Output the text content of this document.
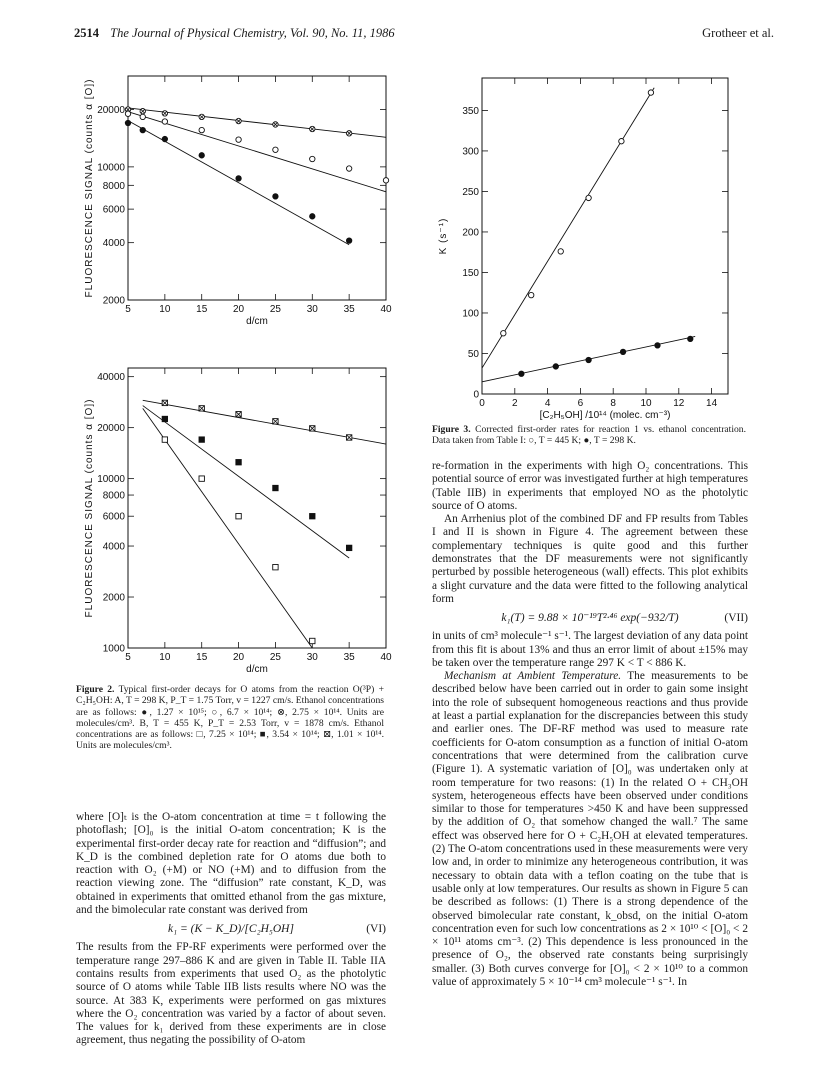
2514 The Journal of Physical Chemistry, Vol. 90, No. 11, 1986	Grotheer et al.
5	10	15	20	25	30	35	40
2000
4000
6000
8000
10000
20000
d/cm
FLUORESCENCE SIGNAL (counts α [O])
5	10	15	20	25	30	35	40
1000
2000
4000
6000
8000
10000
20000
40000
d/cm
FLUORESCENCE SIGNAL (counts α [O])	0	2	4	6	8 10 12 14
0
50
100
150
200
250
300
350
[C₂H₅OH] /10¹⁴ (molec. cm⁻³)
K (s⁻¹)
Figure 2. Typical first-order decays for O atoms from the reaction O(³P) + C₂H₅OH: A, T = 298 K, P_T = 1.75 Torr, v = 1227 cm/s. Ethanol concentrations are as follows: ●, 1.27 × 10¹⁵; ○, 6.7 × 10¹⁴; ⊗, 2.75 × 10¹⁴. Units are molecules/cm³. B, T = 455 K, P_T = 2.53 Torr, v = 1878 cm/s. Ethanol concentrations are as follows: □, 7.25 × 10¹⁴; ■, 3.54 × 10¹⁴; ⊠, 1.01 × 10¹⁴. Units are molecules/cm³.
Figure 3. Corrected first-order rates for reaction 1 vs. ethanol concentration. Data taken from Table I: ○, T = 445 K; ●, T = 298 K.

where [O]ₜ is the O-atom concentration at time = t following the photoflash; [O]₀ is the initial O-atom concentration; K is the experimental first-order decay rate for reaction and “diffusion”; and K_D is the combined depletion rate for O atoms due both to reaction with O₂ (+M) or NO (+M) and to diffusion from the reaction viewing zone. The “diffusion” rate constant, K_D, was obtained in experiments that omitted ethanol from the gas mixture, and the bimolecular rate constant was derived from

k₁ = (K − K_D)/[C₂H₅OH]	(VI)

The results from the FP-RF experiments were performed over the temperature range 297–886 K and are given in Table II. Table IIA contains results from experiments that used O₂ as the photolytic source of O atoms while Table IIB lists results where NO was the source. At 383 K, experiments were performed on gas mixtures where the O₂ concentration was varied by a factor of about seven. The values for k₁ derived from these experiments are in close agreement, thus negating the possibility of O-atom

re-formation in the experiments with high O₂ concentrations. This potential source of error was investigated further at high temperatures (Table IIB) in experiments that employed NO as the photolytic source of O atoms.

An Arrhenius plot of the combined DF and FP results from Tables I and II is shown in Figure 4. The agreement between these complementary techniques is quite good and this further demonstrates that the DF measurements were not significantly perturbed by possible heterogeneous (wall) effects. This plot exhibits a slight curvature and the data were fitted to the following analytical form

k₁(T) = 9.88 × 10⁻¹⁹T²·⁴⁶ exp(−932/T)	(VII)

in units of cm³ molecule⁻¹ s⁻¹. The largest deviation of any data point from this fit is about 13% and thus an error limit of about ±15% may be taken over the temperature range 297 K < T < 886 K.

Mechanism at Ambient Temperature. The measurements to be described below have been carried out in order to gain some insight into the role of subsequent homogeneous reactions and thus provide at least a partial explanation for the discrepancies between this study and earlier ones. The DF-RF method was used to measure rate coefficients for O-atom consumption as a function of initial O-atom concentrations that were determined from the calibration curve (Figure 1). A systematic variation of [O]₀ was undertaken only at room temperature for two reasons: (1) In the related O + CH₃OH system, heterogeneous effects have been observed under conditions similar to those for temperatures >450 K and have been suppressed by the addition of O₂ that somehow changed the wall.⁷ The same effect was observed here for O + C₂H₅OH at elevated temperatures. (2) The O-atom concentrations used in these measurements were very low and, in order to minimize any heterogeneous contribution, it was necessary to obtain data with a teflon coating on the tube that is usable only at low temperatures. Our results as shown in Figure 5 can be described as follows: (1) There is a strong dependence of the observed bimolecular rate constant, k_obsd, on the initial O-atom concentration even for such low concentrations as 2 × 10¹⁰ < [O]₀ < 2 × 10¹¹ atoms cm⁻³. (2) This dependence is less pronounced in the presence of O₂, the observed rate constants being surprisingly smaller. (3) Both curves converge for [O]₀ < 2 × 10¹⁰ to a common value of approximately 5 × 10⁻¹⁴ cm³ molecule⁻¹ s⁻¹. In
